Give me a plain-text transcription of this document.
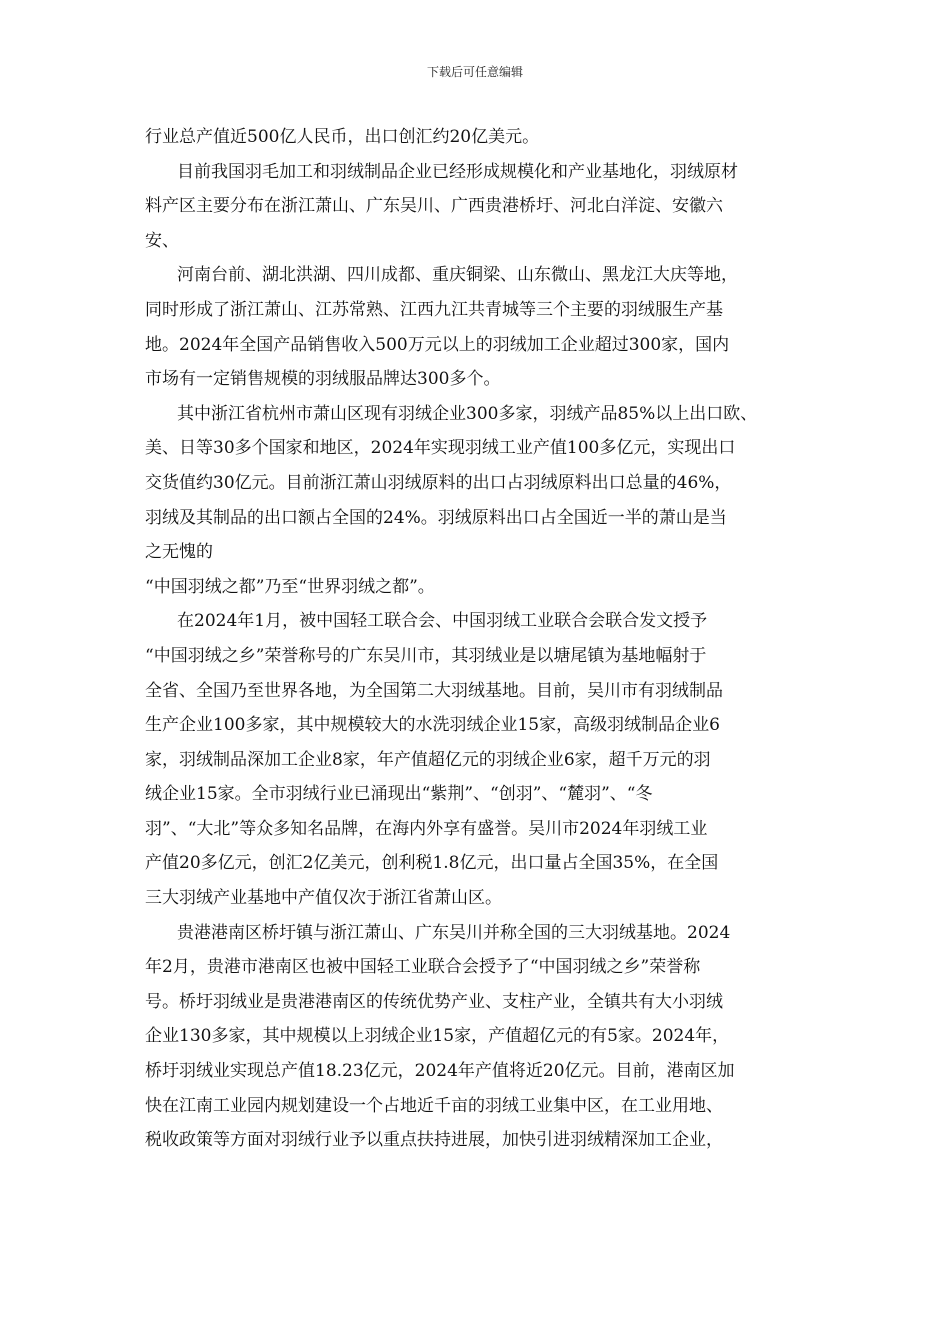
下载后可任意编辑
行业总产值近500亿人民币，出口创汇约20亿美元。
目前我国羽毛加工和羽绒制品企业已经形成规模化和产业基地化，羽绒原材
料产区主要分布在浙江萧山、广东吴川、广西贵港桥圩、河北白洋淀、安徽六
安、
河南台前、湖北洪湖、四川成都、重庆铜梁、山东微山、黑龙江大庆等地，
同时形成了浙江萧山、江苏常熟、江西九江共青城等三个主要的羽绒服生产基
地。2024年全国产品销售收入500万元以上的羽绒加工企业超过300家，国内
市场有一定销售规模的羽绒服品牌达300多个。
其中浙江省杭州市萧山区现有羽绒企业300多家，羽绒产品85%以上出口欧、
美、日等30多个国家和地区，2024年实现羽绒工业产值100多亿元，实现出口
交货值约30亿元。目前浙江萧山羽绒原料的出口占羽绒原料出口总量的46%，
羽绒及其制品的出口额占全国的24%。羽绒原料出口占全国近一半的萧山是当
之无愧的
“中国羽绒之都”乃至“世界羽绒之都”。
在2024年1月，被中国轻工联合会、中国羽绒工业联合会联合发文授予
“中国羽绒之乡”荣誉称号的广东吴川市，其羽绒业是以塘尾镇为基地幅射于
全省、全国乃至世界各地，为全国第二大羽绒基地。目前，吴川市有羽绒制品
生产企业100多家，其中规模较大的水洗羽绒企业15家，高级羽绒制品企业6
家，羽绒制品深加工企业8家，年产值超亿元的羽绒企业6家，超千万元的羽
绒企业15家。全市羽绒行业已涌现出“紫荆”、“创羽”、“麓羽”、“冬
羽”、“大北”等众多知名品牌，在海内外享有盛誉。吴川市2024年羽绒工业
产值20多亿元，创汇2亿美元，创利税1.8亿元，出口量占全国35%，在全国
三大羽绒产业基地中产值仅次于浙江省萧山区。
贵港港南区桥圩镇与浙江萧山、广东吴川并称全国的三大羽绒基地。2024
年2月，贵港市港南区也被中国轻工业联合会授予了“中国羽绒之乡”荣誉称
号。桥圩羽绒业是贵港港南区的传统优势产业、支柱产业，全镇共有大小羽绒
企业130多家，其中规模以上羽绒企业15家，产值超亿元的有5家。2024年，
桥圩羽绒业实现总产值18.23亿元，2024年产值将近20亿元。目前，港南区加
快在江南工业园内规划建设一个占地近千亩的羽绒工业集中区，在工业用地、
税收政策等方面对羽绒行业予以重点扶持进展，加快引进羽绒精深加工企业，
